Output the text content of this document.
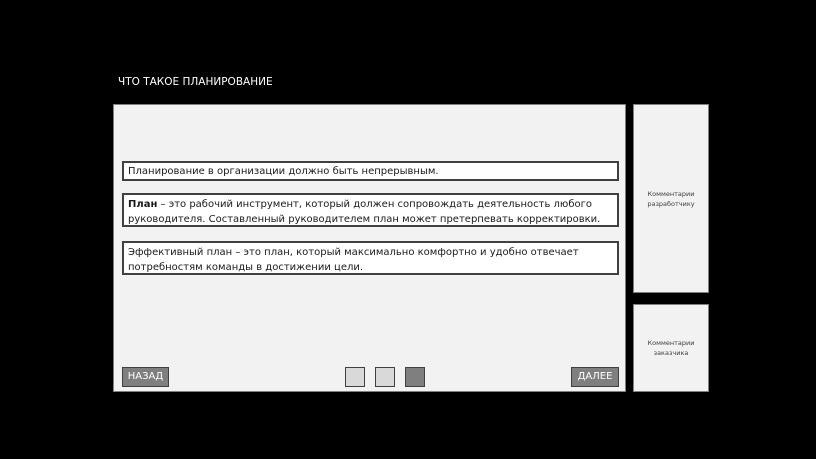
ЧТО ТАКОЕ ПЛАНИРОВАНИЕ
Планирование в организации должно быть непрерывным.
План – это рабочий инструмент, который должен сопровождать деятельность любого руководителя. Составленный руководителем план может претерпевать корректировки.
Эффективный план – это план, который максимально комфортно и удобно отвечает потребностям команды в достижении цели.
НАЗАД	ДАЛЕЕ
Комментарии разработчику
Комментарии заказчика
